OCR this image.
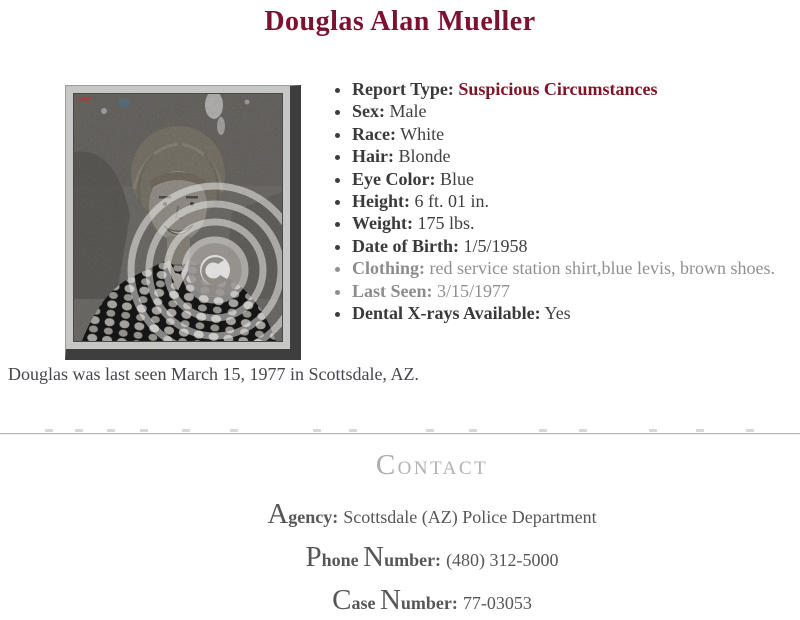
Douglas Alan Mueller
• Report Type: Suspicious Circumstances
• Sex: Male
• Race: White
• Hair: Blonde
• Eye Color: Blue
• Height: 6 ft. 01 in.
• Weight: 175 lbs.
• Date of Birth: 1/5/1958
• Clothing: red service station shirt,blue levis, brown shoes.
• Last Seen: 3/15/1977
• Dental X-rays Available: Yes

Douglas was last seen March 15, 1977 in Scottsdale, AZ.

CONTACT
Agency: Scottsdale (AZ) Police Department
Phone Number: (480) 312-5000
Case Number: 77-03053
